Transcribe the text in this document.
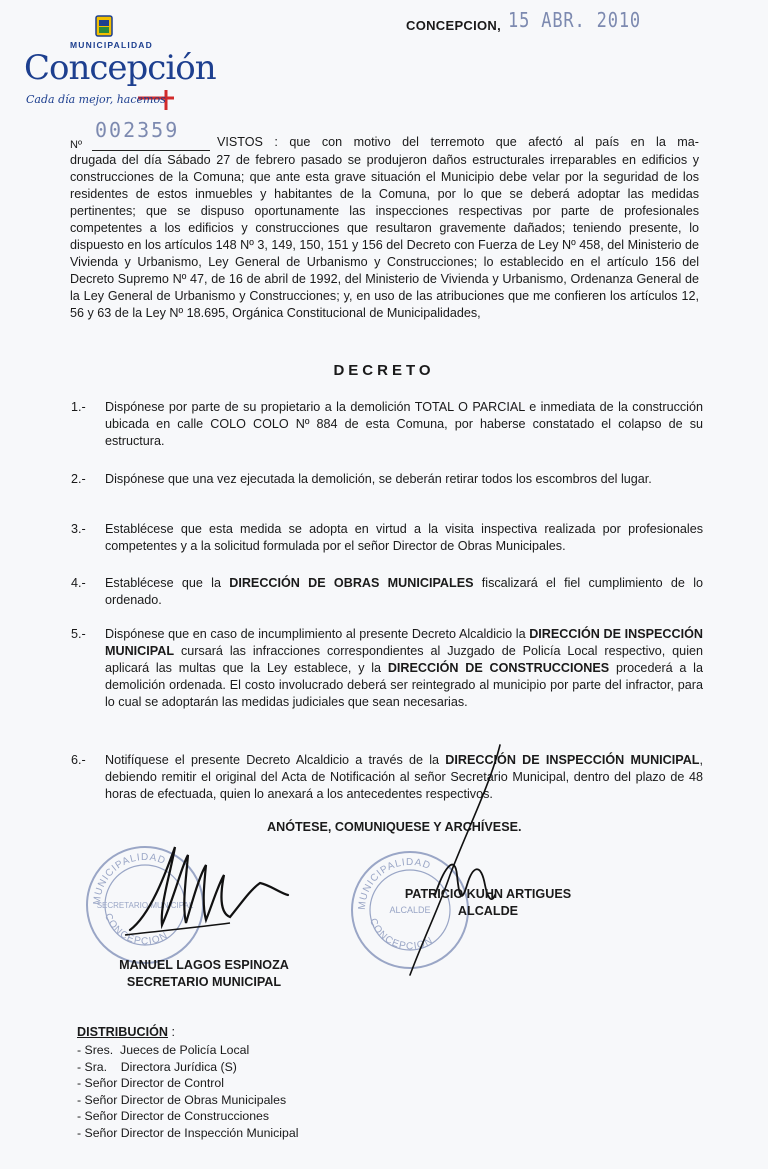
MUNICIPALIDAD
Concepción
Cada día mejor, hacemos
CONCEPCION, 15 ABR. 2010
Nº
002359	VISTOS : que con motivo del terremoto que afectó al país en la ma-
drugada del día Sábado 27 de febrero pasado se produjeron daños estructurales irreparables en edificios y construcciones de la Comuna; que ante esta grave situación el Municipio debe velar por la seguridad de los residentes de estos inmuebles y habitantes de la Comuna, por lo que se deberá adoptar las medidas pertinentes; que se dispuso oportunamente las inspecciones respectivas por parte de profesionales competentes a los edificios y construcciones que resultaron gravemente dañados; teniendo presente, lo dispuesto en los artículos 148 Nº 3, 149, 150, 151 y 156 del Decreto con Fuerza de Ley Nº 458, del Ministerio de Vivienda y Urbanismo, Ley General de Urbanismo y Construcciones; lo establecido en el artículo 156 del Decreto Supremo Nº 47, de 16 de abril de 1992, del Ministerio de Vivienda y Urbanismo, Ordenanza General de la Ley General de Urbanismo y Construcciones; y, en uso de las atribuciones que me confieren los artículos 12, 56 y 63 de la Ley Nº 18.695, Orgánica Constitucional de Municipalidades,
DECRETO
1.- Dispónese por parte de su propietario a la demolición TOTAL O PARCIAL e inmediata de la construcción ubicada en calle COLO COLO Nº 884 de esta Comuna, por haberse constatado el colapso de su estructura.
2.- Dispónese que una vez ejecutada la demolición, se deberán retirar todos los escombros del lugar.
3.- Establécese que esta medida se adopta en virtud a la visita inspectiva realizada por profesionales competentes y a la solicitud formulada por el señor Director de Obras Municipales.
4.- Establécese que la DIRECCIÓN DE OBRAS MUNICIPALES fiscalizará el fiel cumplimiento de lo ordenado.
5.- Dispónese que en caso de incumplimiento al presente Decreto Alcaldicio la DIRECCIÓN DE INSPECCIÓN MUNICIPAL cursará las infracciones correspondientes al Juzgado de Policía Local respectivo, quien aplicará las multas que la Ley establece, y la DIRECCIÓN DE CONSTRUCCIONES procederá a la demolición ordenada. El costo involucrado deberá ser reintegrado al municipio por parte del infractor, para lo cual se adoptarán las medidas judiciales que sean necesarias.
6.- Notifíquese el presente Decreto Alcaldicio a través de la DIRECCIÓN DE INSPECCIÓN MUNICIPAL, debiendo remitir el original del Acta de Notificación al señor Secretario Municipal, dentro del plazo de 48 horas de efectuada, quien lo anexará a los antecedentes respectivos.
ANÓTESE, COMUNIQUESE Y ARCHÍVESE.
MUNICIPALIDAD
CONCEPCION
SECRETARIO MUNICIPAL	MUNICIPALIDAD
CONCEPCION
ALCALDE
PATRICIO KUHN ARTIGUES
ALCALDE
MANUEL LAGOS ESPINOZA
SECRETARIO MUNICIPAL
DISTRIBUCIÓN :
- Sres.  Jueces de Policía Local
- Sra.    Directora Jurídica (S)
- Señor Director de Control
- Señor Director de Obras Municipales
- Señor Director de Construcciones
- Señor Director de Inspección Municipal
